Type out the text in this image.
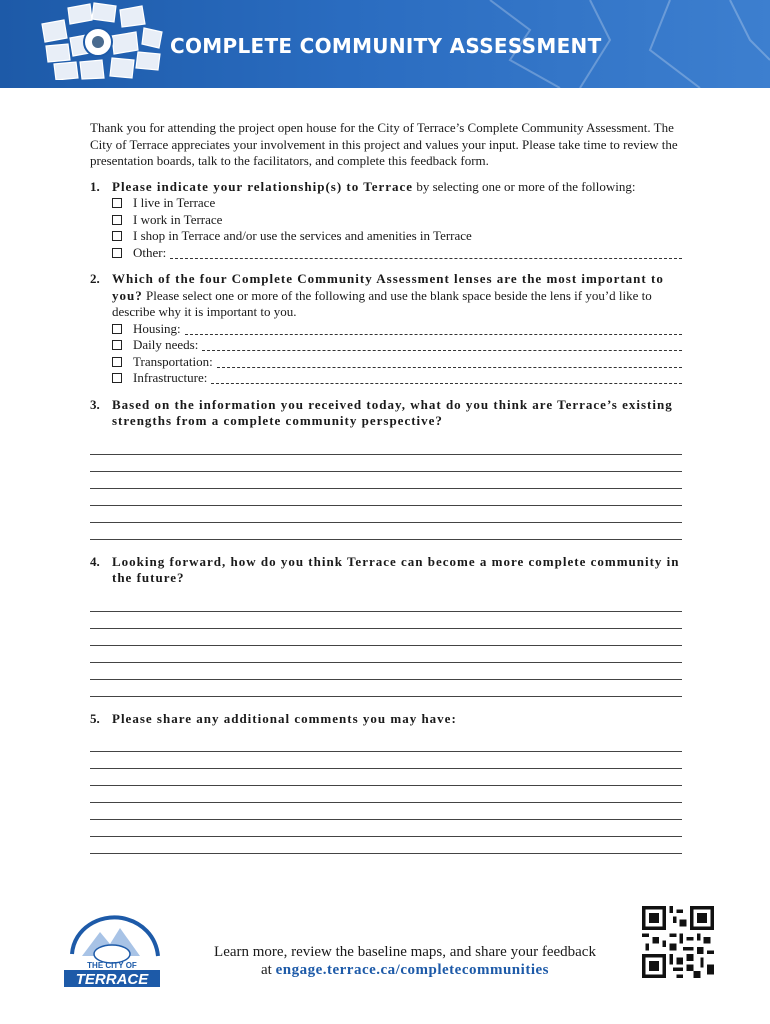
COMPLETE COMMUNITY ASSESSMENT

Thank you for attending the project open house for the City of Terrace’s Complete Community Assessment. The City of Terrace appreciates your involvement in this project and values your input. Please take time to review the presentation boards, talk to the facilitators, and complete this feedback form.

1. Please indicate your relationship(s) to Terrace by selecting one or more of the following:
I live in Terrace
I work in Terrace
I shop in Terrace and/or use the services and amenities in Terrace
Other:
2. Which of the four Complete Community Assessment lenses are the most important to you? Please select one or more of the following and use the blank space beside the lens if you’d like to describe why it is important to you.
Housing:
Daily needs:
Transportation:
Infrastructure:
3. Based on the information you received today, what do you think are Terrace’s existing strengths from a complete community perspective?
4. Looking forward, how do you think Terrace can become a more complete community in the future?
5. Please share any additional comments you may have:
THE CITY OF
TERRACE
Learn more, review the baseline maps, and share your feedback
at engage.terrace.ca/completecommunities
